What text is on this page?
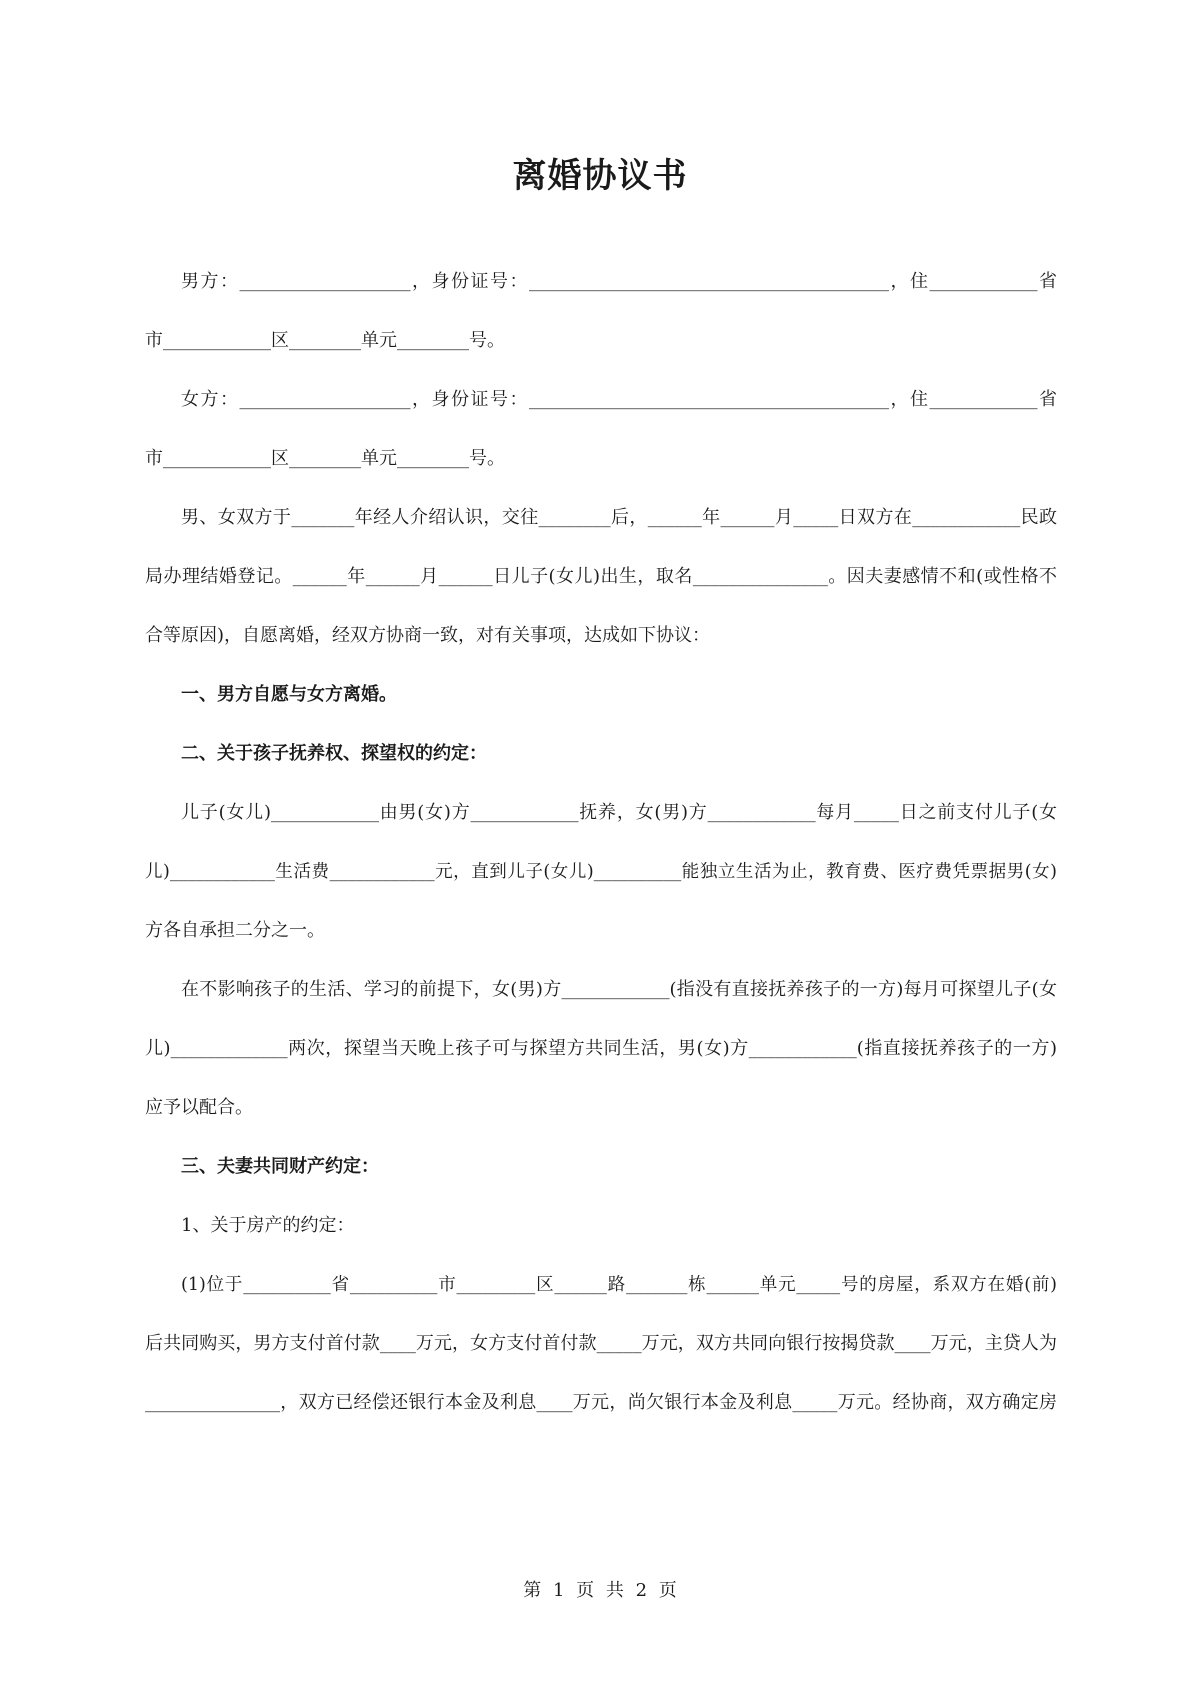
离婚协议书
男方：___________________，身份证号：________________________________________，住____________省
市____________区________单元________号。
女方：___________________，身份证号：________________________________________，住____________省
市____________区________单元________号。
男、女双方于_______年经人介绍认识，交往________后，______年______月_____日双方在____________民政
局办理结婚登记。______年______月______日儿子(女儿)出生，取名_______________。因夫妻感情不和(或性格不
合等原因)，自愿离婚，经双方协商一致，对有关事项，达成如下协议：
一、男方自愿与女方离婚。
二、关于孩子抚养权、探望权的约定：
儿子(女儿)____________由男(女)方____________抚养，女(男)方____________每月_____日之前支付儿子(女
儿)____________生活费____________元，直到儿子(女儿)__________能独立生活为止，教育费、医疗费凭票据男(女)
方各自承担二分之一。
在不影响孩子的生活、学习的前提下，女(男)方____________(指没有直接抚养孩子的一方)每月可探望儿子(女
儿)_____________两次，探望当天晚上孩子可与探望方共同生活，男(女)方____________(指直接抚养孩子的一方)
应予以配合。
三、夫妻共同财产约定：
1、关于房产的约定：
(1)位于__________省__________市_________区______路_______栋______单元_____号的房屋，系双方在婚(前)
后共同购买，男方支付首付款____万元，女方支付首付款_____万元，双方共同向银行按揭贷款____万元，主贷人为
_______________，双方已经偿还银行本金及利息____万元，尚欠银行本金及利息_____万元。经协商，双方确定房
第 1 页 共 2 页
